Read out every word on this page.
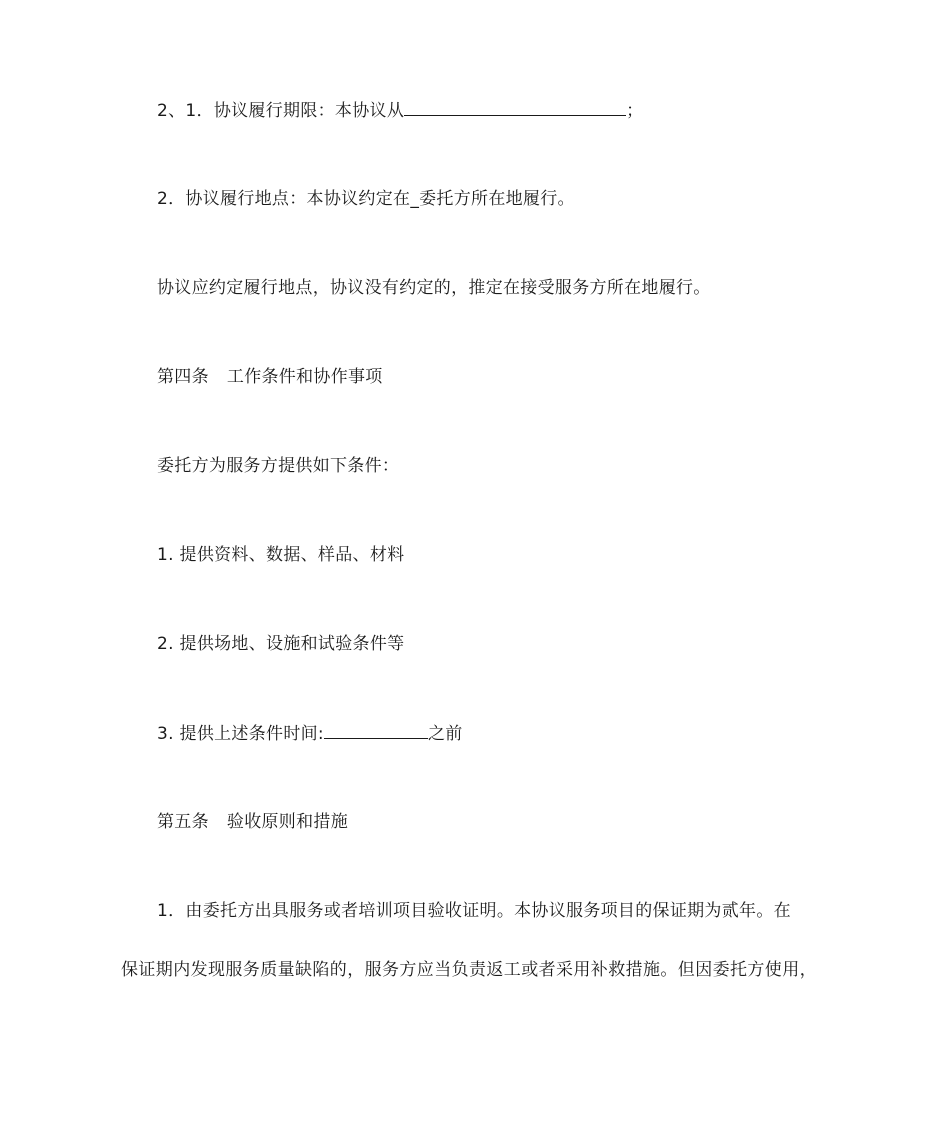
2、1．协议履行期限：本协议从	；
2．协议履行地点：本协议约定在_委托方所在地履行。
协议应约定履行地点，协议没有约定的，推定在接受服务方所在地履行。
第四条 工作条件和协作事项
委托方为服务方提供如下条件：
1. 提供资料、数据、样品、材料
2. 提供场地、设施和试验条件等
3. 提供上述条件时间:	之前
第五条 验收原则和措施
1．由委托方出具服务或者培训项目验收证明。本协议服务项目的保证期为贰年。在
保证期内发现服务质量缺陷的，服务方应当负责返工或者采用补救措施。但因委托方使用，
